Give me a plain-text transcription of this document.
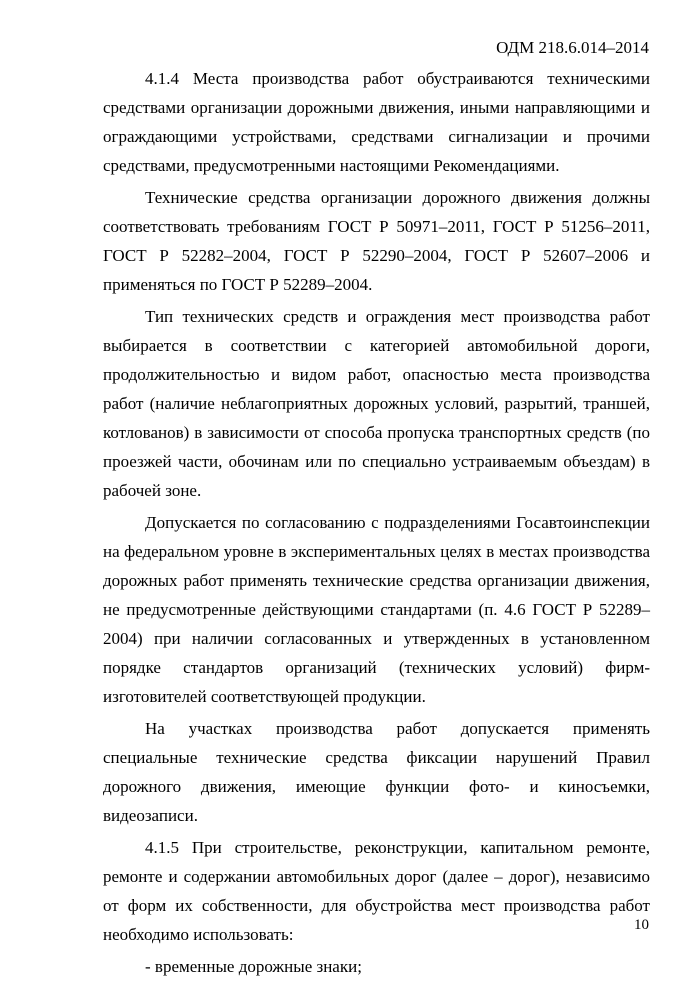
ОДМ 218.6.014–2014

4.1.4 Места производства работ обустраиваются техническими средствами организации дорожными движения, иными направляющими и ограждающими устройствами, средствами сигнализации и прочими средствами, предусмотренными настоящими Рекомендациями.

Технические средства организации дорожного движения должны соответствовать требованиям ГОСТ Р 50971–2011, ГОСТ Р 51256–2011, ГОСТ Р 52282–2004, ГОСТ Р 52290–2004, ГОСТ Р 52607–2006 и применяться по ГОСТ Р 52289–2004.

Тип технических средств и ограждения мест производства работ выбирается в соответствии с категорией автомобильной дороги, продолжительностью и видом работ, опасностью места производства работ (наличие неблагоприятных дорожных условий, разрытий, траншей, котлованов) в зависимости от способа пропуска транспортных средств (по проезжей части, обочинам или по специально устраиваемым объездам) в рабочей зоне.

Допускается по согласованию с подразделениями Госавтоинспекции на федеральном уровне в экспериментальных целях в местах производства дорожных работ применять технические средства организации движения, не предусмотренные действующими стандартами (п. 4.6 ГОСТ Р 52289–2004) при наличии согласованных и утвержденных в установленном порядке стандартов организаций (технических условий) фирм-изготовителей соответствующей продукции.

На участках производства работ допускается применять специальные технические средства фиксации нарушений Правил дорожного движения, имеющие функции фото- и киносъемки, видеозаписи.

4.1.5 При строительстве, реконструкции, капитальном ремонте, ремонте и содержании автомобильных дорог (далее – дорог), независимо от форм их собственности, для обустройства мест производства работ необходимо использовать:

- временные дорожные знаки;

10
